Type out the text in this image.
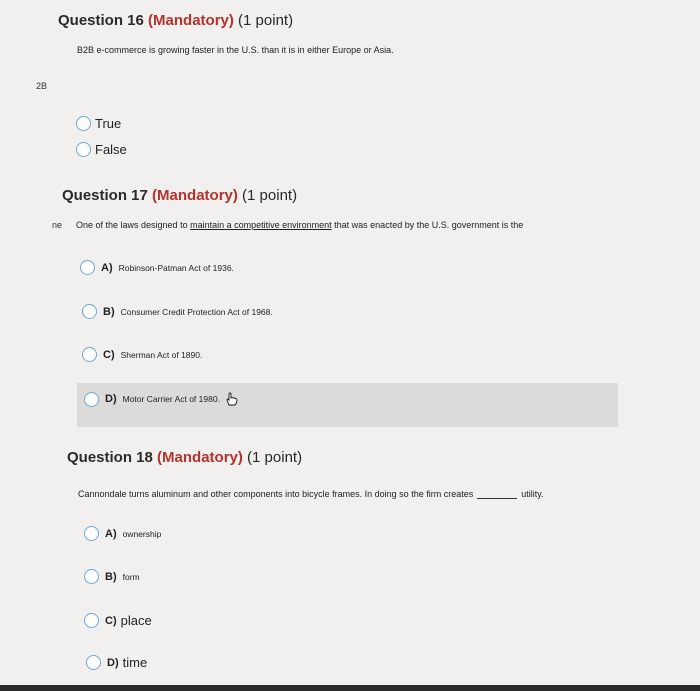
Question 16 (Mandatory) (1 point)
B2B e-commerce is growing faster in the U.S. than it is in either Europe or Asia.
2B
True
False
Question 17 (Mandatory) (1 point)
ne One of the laws designed to maintain a competitive environment that was enacted by the U.S. government is the
A) Robinson-Patman Act of 1936.
B) Consumer Credit Protection Act of 1968.
C) Sherman Act of 1890.
D) Motor Carrier Act of 1980.
Question 18 (Mandatory) (1 point)
Cannondale turns aluminum and other components into bicycle frames. In doing so the firm creates	utility.
A) ownership
B) form
C) place
D) time
